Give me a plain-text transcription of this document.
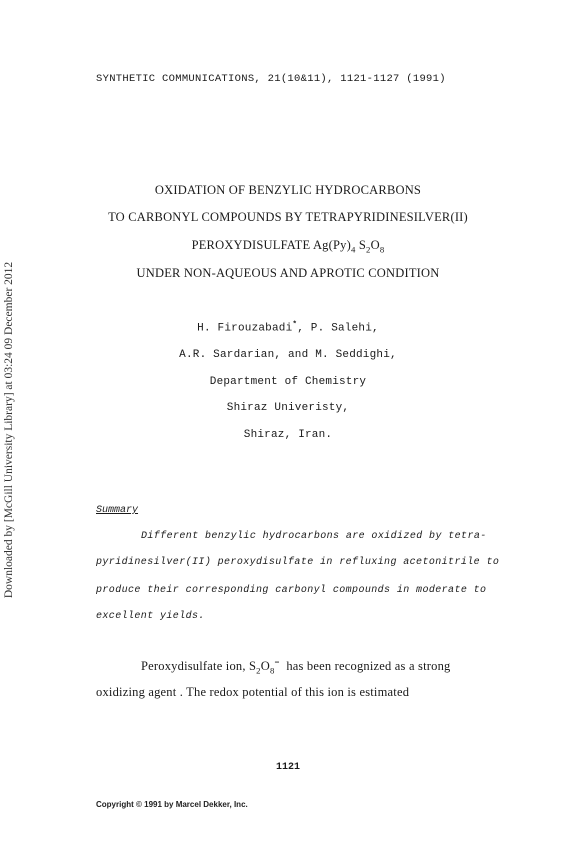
SYNTHETIC COMMUNICATIONS, 21(10&11), 1121-1127 (1991)
OXIDATION OF BENZYLIC HYDROCARBONS
TO CARBONYL COMPOUNDS BY TETRAPYRIDINESILVER(II)
PEROXYDISULFATE $Ag(Py)_4$ $S_2O_8$
UNDER NON-AQUEOUS AND APROTIC CONDITION
H. Firouzabadi*, P. Salehi,
A.R. Sardarian, and M. Seddighi,
Department of Chemistry
Shiraz Univeristy,
Shiraz, Iran.
Downloaded by [McGill University Library] at 03:24 09 December 2012	Summary
Different benzylic hydrocarbons are oxidized by tetra-
pyridinesilver(II) peroxydisulfate in refluxing acetonitrile to
produce their corresponding carbonyl compounds in moderate to
excellent yields.
Peroxydisulfate ion, $S_2O_8^=$ has been recognized as a strong
oxidizing agent . The redox potential of this ion is estimated
1121
Copyright © 1991 by Marcel Dekker, Inc.
